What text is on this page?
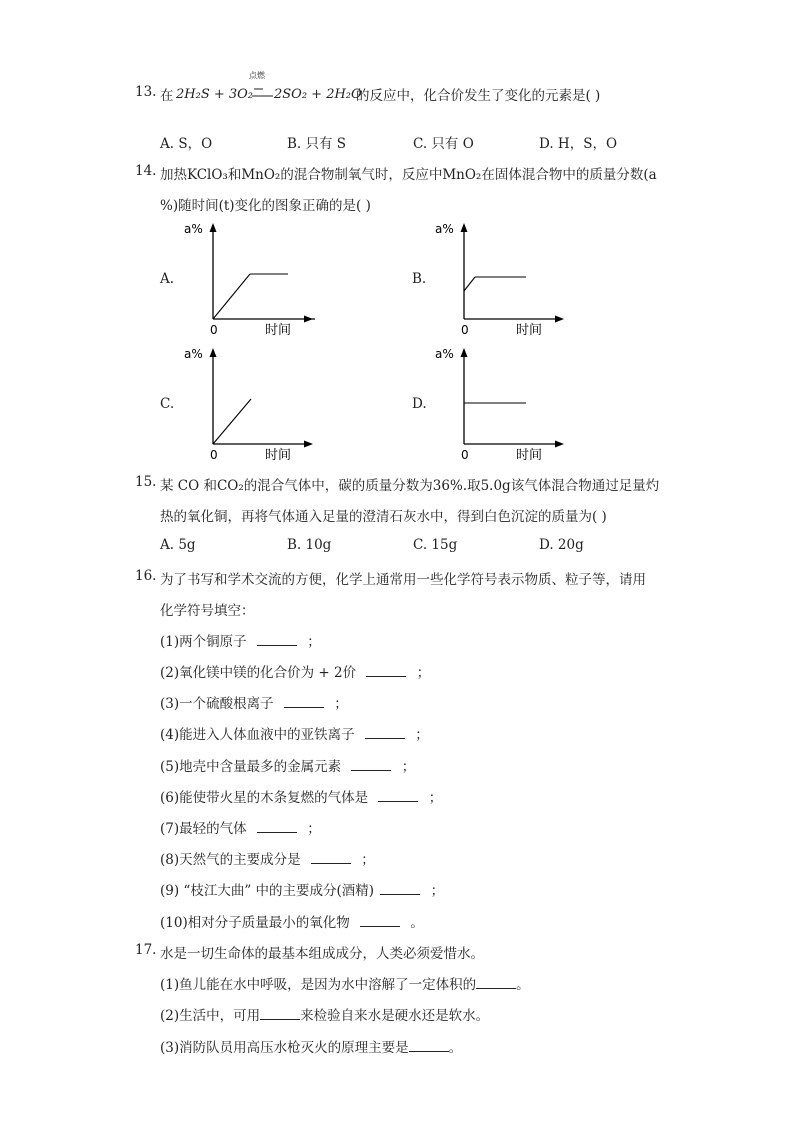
13. 在 2H₂S + 3O₂
点燃
2SO₂ + 2H₂O
的反应中，化合价发生了变化的元素是( )
A. S，O	B. 只有 S	C. 只有 O	D. H，S，O
14. 加热KClO₃和MnO₂的混合物制氧气时，反应中MnO₂在固体混合物中的质量分数(a
%)随时间(t)变化的图象正确的是( )
A.
a%
0	时间
B.
a%
0	时间
C.
a%
0	时间
D.
a%
0	时间
15. 某 CO 和CO₂的混合气体中，碳的质量分数为36%.取5.0g该气体混合物通过足量灼
热的氧化铜，再将气体通入足量的澄清石灰水中，得到白色沉淀的质量为( )
A. 5g	B. 10g	C. 15g	D. 20g
16. 为了书写和学术交流的方便，化学上通常用一些化学符号表示物质、粒子等，请用
化学符号填空：
(1)两个铜原子	；
(2)氧化镁中镁的化合价为 + 2价	；
(3)一个硫酸根离子	；
(4)能进入人体血液中的亚铁离子	；
(5)地壳中含量最多的金属元素	；
(6)能使带火星的木条复燃的气体是	；
(7)最轻的气体	；
(8)天然气的主要成分是	；
(9) “枝江大曲” 中的主要成分(酒精)	；
(10)相对分子质量最小的氧化物	。
17. 水是一切生命体的最基本组成成分，人类必须爱惜水。
(1)鱼儿能在水中呼吸，是因为水中溶解了一定体积的	。
(2)生活中，可用	来检验自来水是硬水还是软水。
(3)消防队员用高压水枪灭火的原理主要是	。
